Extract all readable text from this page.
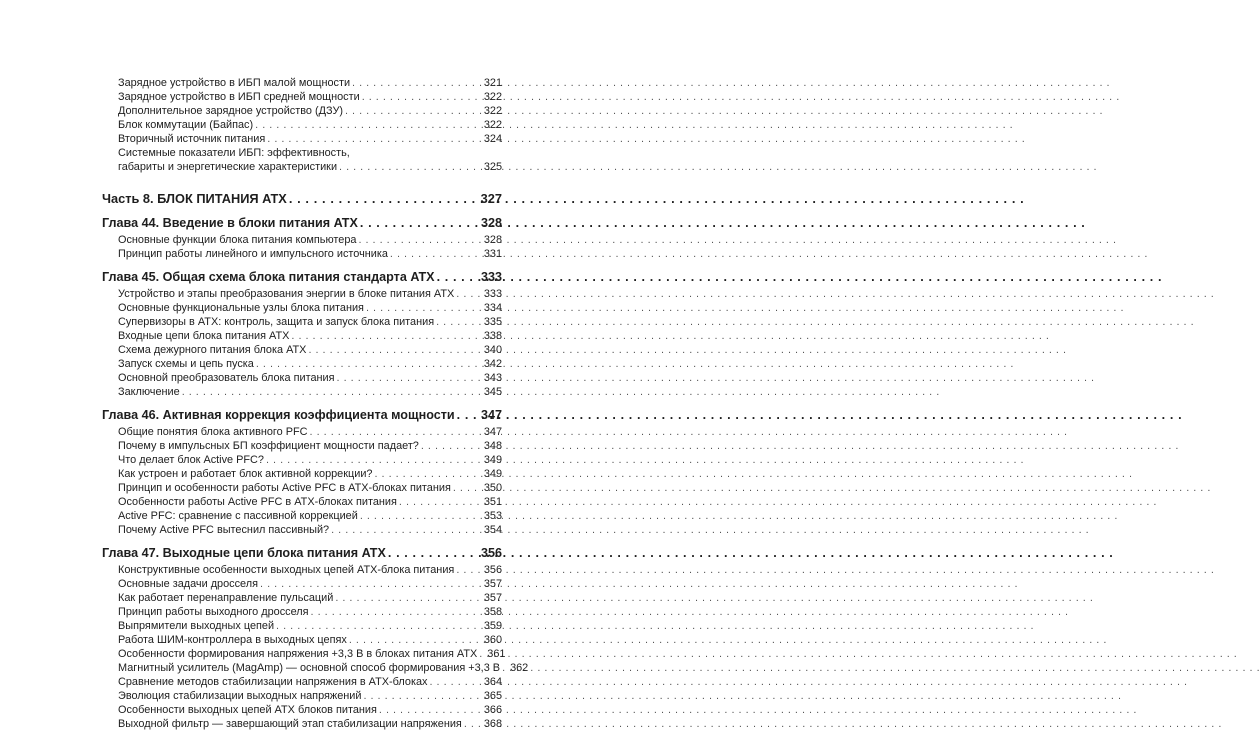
Зарядное устройство в ИБП малой мощности . . .	321
Зарядное устройство в ИБП средней мощности . . .	322
Дополнительное зарядное устройство (ДЗУ) . . .	322
Блок коммутации (Байпас) . . .	322
Вторичный источник питания . . .	324
Системные показатели ИБП: эффективность,
габариты и энергетические характеристики . . .	325
Часть 8. БЛОК ПИТАНИЯ ATX . . .	327
Глава 44. Введение в блоки питания ATX . . .	328
Основные функции блока питания компьютера . . .	328
Принцип работы линейного и импульсного источника . . .	331
Глава 45. Общая схема блока питания стандарта ATX . . .	333
Устройство и этапы преобразования энергии в блоке питания ATX . . .	333
Основные функциональные узлы блока питания . . .	334
Супервизоры в ATX: контроль, защита и запуск блока питания . . .	335
Входные цепи блока питания ATX . . .	338
Схема дежурного питания блока ATX . . .	340
Запуск схемы и цепь пуска . . .	342
Основной преобразователь блока питания . . .	343
Заключение . . .	345
Глава 46. Активная коррекция коэффициента мощности . . . 347
Общие понятия блока активного PFC . . .	347
Почему в импульсных БП коэффициент мощности падает? . . .	348
Что делает блок Active PFC? . . .	349
Как устроен и работает блок активной коррекции? . . .	349
Принцип и особенности работы Active PFC в ATX-блоках питания . . .	350
Особенности работы Active PFC в ATX-блоках питания . . .	351
Active PFC: сравнение с пассивной коррекцией . . .	353
Почему Active PFC вытеснил пассивный? . . .	354
Глава 47. Выходные цепи блока питания ATX . . .	356
Конструктивные особенности выходных цепей ATX-блока питания . . .	356
Основные задачи дросселя . . .	357
Как работает перенаправление пульсаций . . .	357
Принцип работы выходного дросселя . . .	358
Выпрямители выходных цепей . . .	359
Работа ШИМ-контроллера в выходных цепях . . .	360
Особенности формирования напряжения +3,3 В в блоках питания ATX . . . 361
Магнитный усилитель (MagAmp) — основной способ формирования +3,3 В . . . 362
Сравнение методов стабилизации напряжения в ATX-блоках . . .	364
Эволюция стабилизации выходных напряжений . . .	365
Особенности выходных цепей ATX блоков питания . . .	366
Выходной фильтр — завершающий этап стабилизации напряжения . . . 368
